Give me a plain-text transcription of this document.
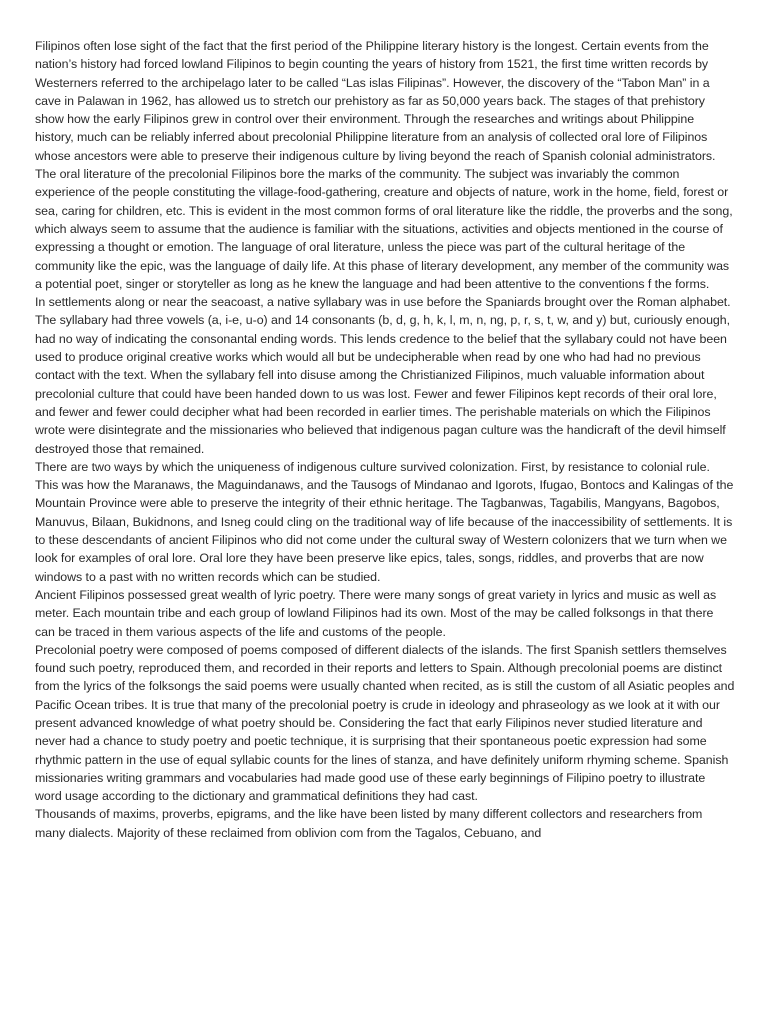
Filipinos often lose sight of the fact that the first period of the Philippine literary history is the longest. Certain events from the nation’s history had forced lowland Filipinos to begin counting the years of history from 1521, the first time written records by Westerners referred to the archipelago later to be called “Las islas Filipinas”. However, the discovery of the “Tabon Man” in a cave in Palawan in 1962, has allowed us to stretch our prehistory as far as 50,000 years back. The stages of that prehistory show how the early Filipinos grew in control over their environment. Through the researches and writings about Philippine history, much can be reliably inferred about precolonial Philippine literature from an analysis of collected oral lore of Filipinos whose ancestors were able to preserve their indigenous culture by living beyond the reach of Spanish colonial administrators.

The oral literature of the precolonial Filipinos bore the marks of the community. The subject was invariably the common experience of the people constituting the village-food-gathering, creature and objects of nature, work in the home, field, forest or sea, caring for children, etc. This is evident in the most common forms of oral literature like the riddle, the proverbs and the song, which always seem to assume that the audience is familiar with the situations, activities and objects mentioned in the course of expressing a thought or emotion. The language of oral literature, unless the piece was part of the cultural heritage of the community like the epic, was the language of daily life. At this phase of literary development, any member of the community was a potential poet, singer or storyteller as long as he knew the language and had been attentive to the conventions f the forms.

In settlements along or near the seacoast, a native syllabary was in use before the Spaniards brought over the Roman alphabet. The syllabary had three vowels (a, i-e, u-o) and 14 consonants (b, d, g, h, k, l, m, n, ng, p, r, s, t, w, and y) but, curiously enough, had no way of indicating the consonantal ending words. This lends credence to the belief that the syllabary could not have been used to produce original creative works which would all but be undecipherable when read by one who had had no previous contact with the text. When the syllabary fell into disuse among the Christianized Filipinos, much valuable information about precolonial culture that could have been handed down to us was lost. Fewer and fewer Filipinos kept records of their oral lore, and fewer and fewer could decipher what had been recorded in earlier times. The perishable materials on which the Filipinos wrote were disintegrate and the missionaries who believed that indigenous pagan culture was the handicraft of the devil himself destroyed those that remained.

There are two ways by which the uniqueness of indigenous culture survived colonization. First, by resistance to colonial rule. This was how the Maranaws, the Maguindanaws, and the Tausogs of Mindanao and Igorots, Ifugao, Bontocs and Kalingas of the Mountain Province were able to preserve the integrity of their ethnic heritage. The Tagbanwas, Tagabilis, Mangyans, Bagobos, Manuvus, Bilaan, Bukidnons, and Isneg could cling on the traditional way of life because of the inaccessibility of settlements. It is to these descendants of ancient Filipinos who did not come under the cultural sway of Western colonizers that we turn when we look for examples of oral lore. Oral lore they have been preserve like epics, tales, songs, riddles, and proverbs that are now windows to a past with no written records which can be studied.

Ancient Filipinos possessed great wealth of lyric poetry. There were many songs of great variety in lyrics and music as well as meter. Each mountain tribe and each group of lowland Filipinos had its own. Most of the may be called folksongs in that there can be traced in them various aspects of the life and customs of the people.

Precolonial poetry were composed of poems composed of different dialects of the islands. The first Spanish settlers themselves found such poetry, reproduced them, and recorded in their reports and letters to Spain. Although precolonial poems are distinct from the lyrics of the folksongs the said poems were usually chanted when recited, as is still the custom of all Asiatic peoples and Pacific Ocean tribes. It is true that many of the precolonial poetry is crude in ideology and phraseology as we look at it with our present advanced knowledge of what poetry should be. Considering the fact that early Filipinos never studied literature and never had a chance to study poetry and poetic technique, it is surprising that their spontaneous poetic expression had some rhythmic pattern in the use of equal syllabic counts for the lines of stanza, and have definitely uniform rhyming scheme. Spanish missionaries writing grammars and vocabularies had made good use of these early beginnings of Filipino poetry to illustrate word usage according to the dictionary and grammatical definitions they had cast.

Thousands of maxims, proverbs, epigrams, and the like have been listed by many different collectors and researchers from many dialects. Majority of these reclaimed from oblivion com from the Tagalos, Cebuano, and
